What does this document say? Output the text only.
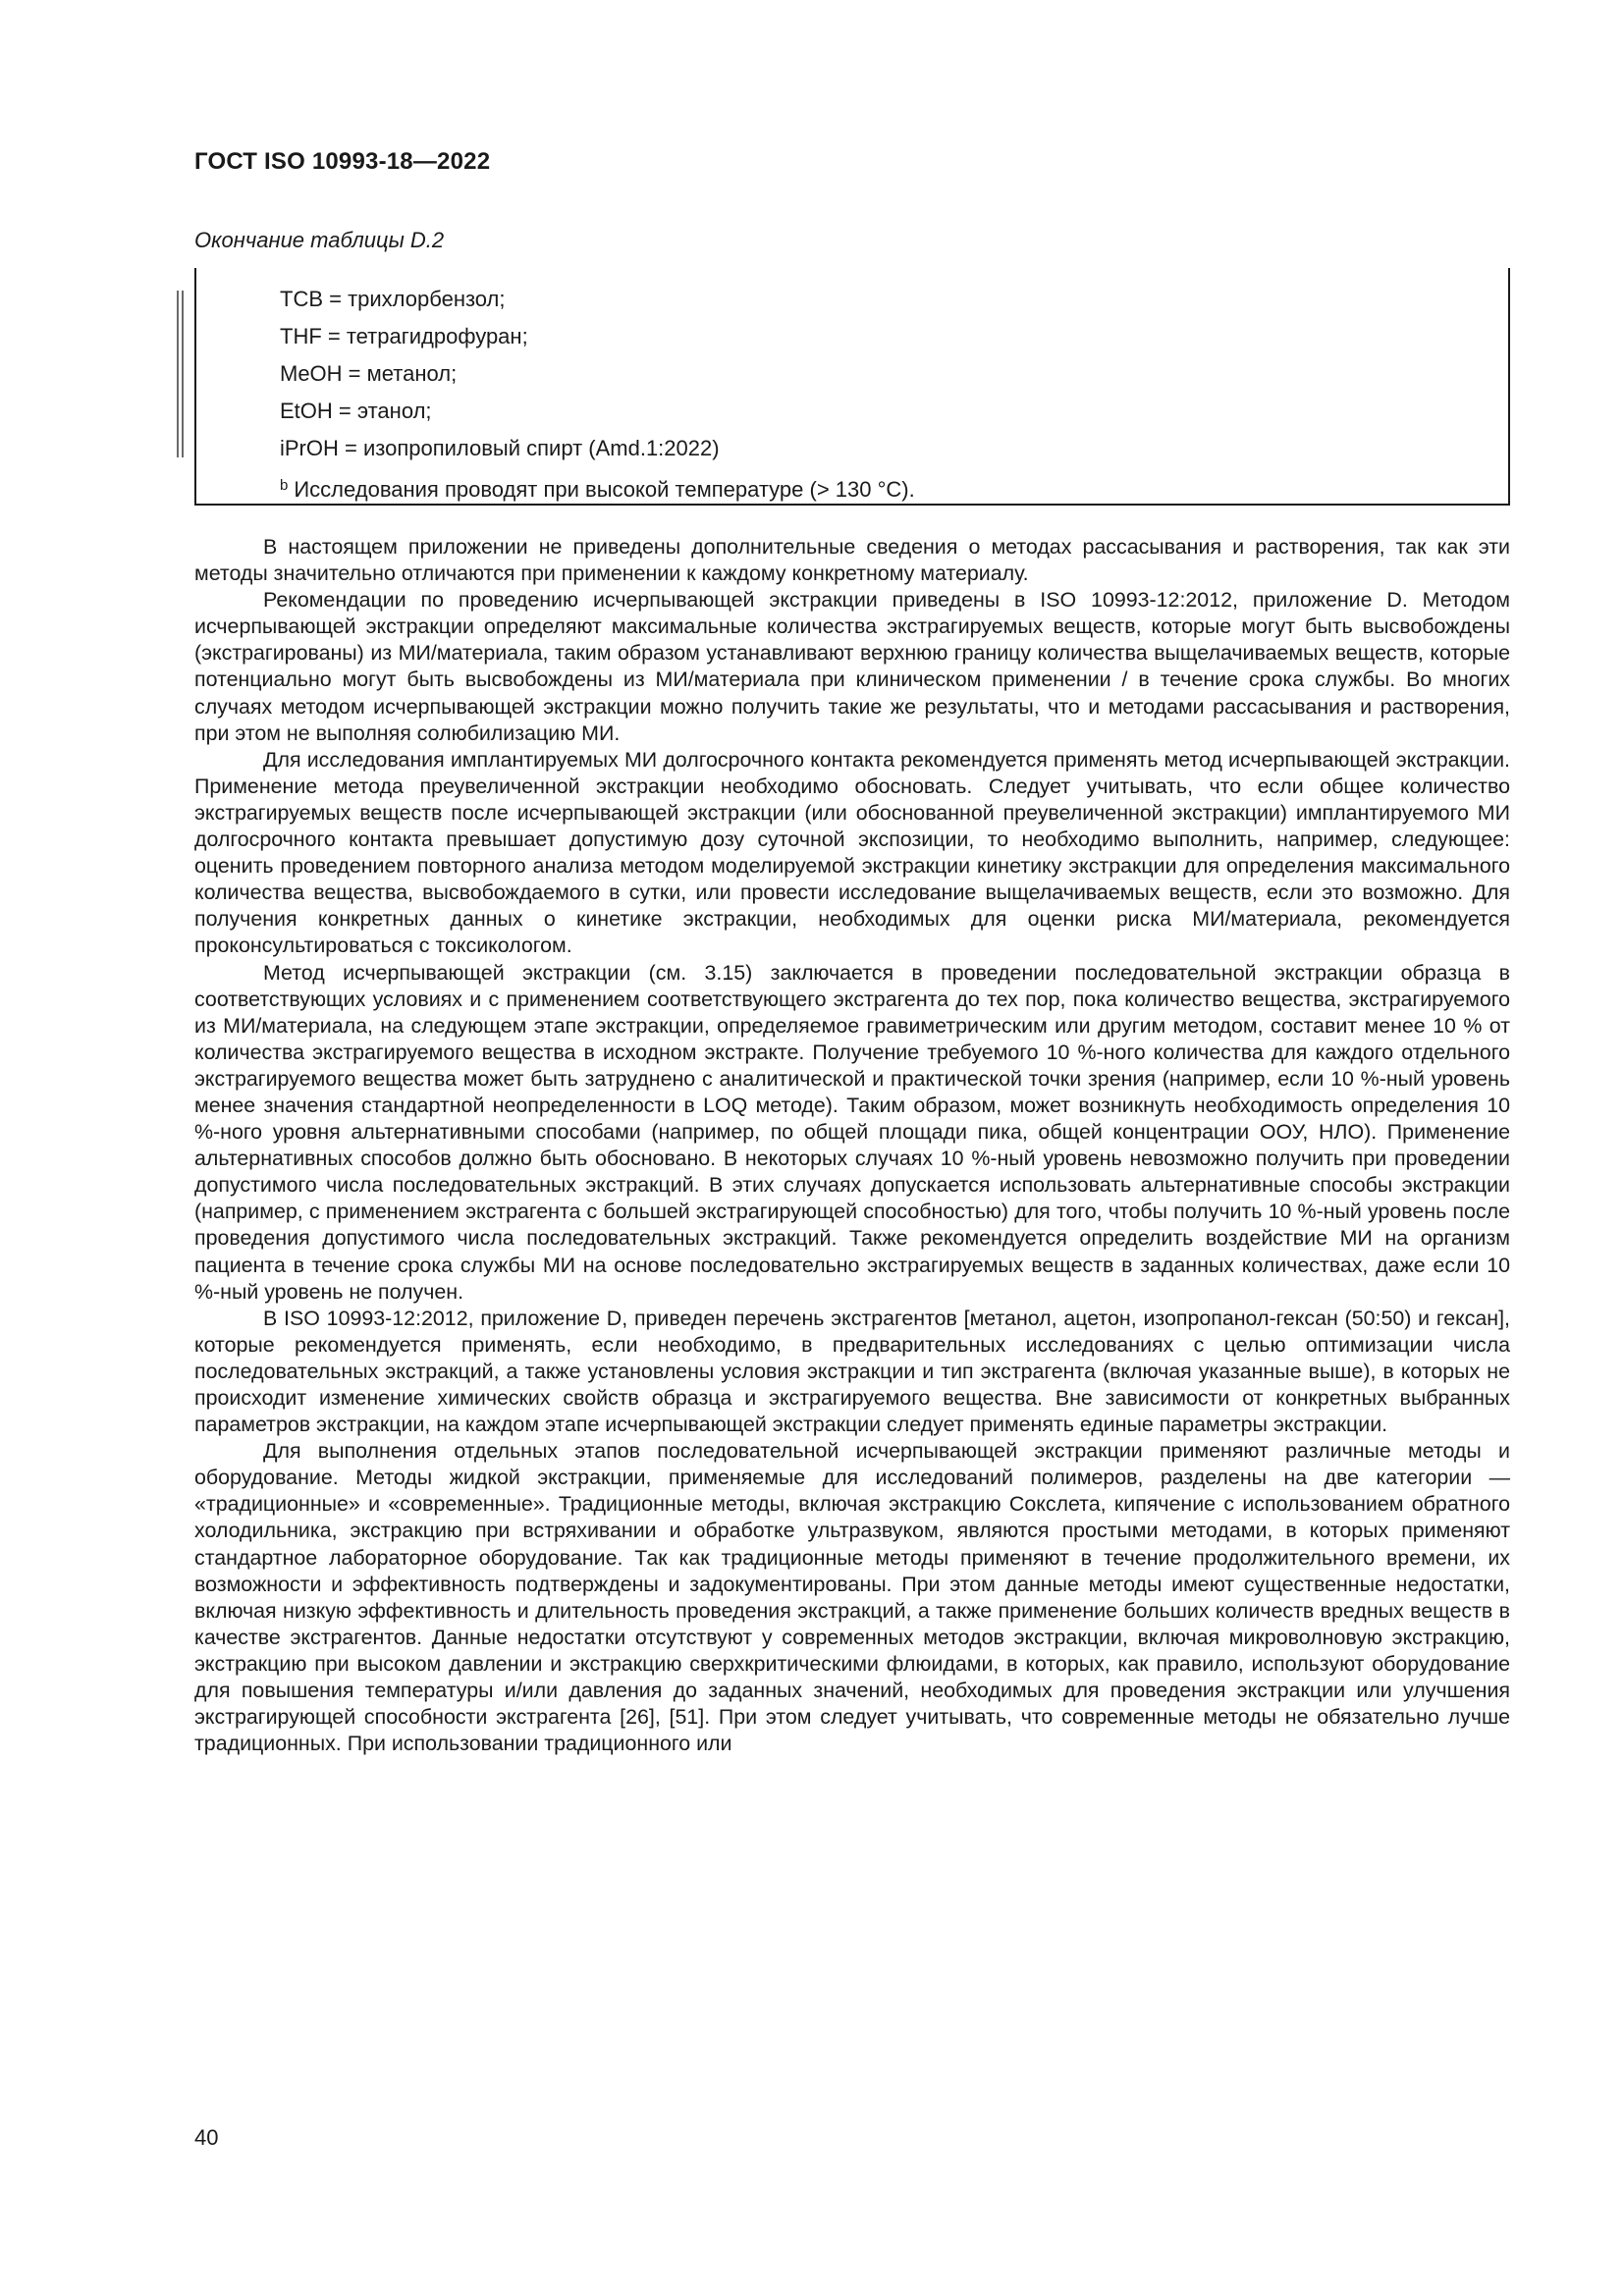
ГОСТ ISO 10993-18—2022
Окончание таблицы D.2
TCB = трихлорбензол;
THF = тетрагидрофуран;
MeOH = метанол;
EtOH = этанол;
iPrOH = изопропиловый спирт (Amd.1:2022)
$^b$ Исследования проводят при высокой температуре (> 130 °С).

В настоящем приложении не приведены дополнительные сведения о методах рассасывания и растворения, так как эти методы значительно отличаются при применении к каждому конкретному материалу.

Рекомендации по проведению исчерпывающей экстракции приведены в ISO 10993-12:2012, приложение D. Методом исчерпывающей экстракции определяют максимальные количества экстрагируемых веществ, которые могут быть высвобождены (экстрагированы) из МИ/материала, таким образом устанавливают верхнюю границу количества выщелачиваемых веществ, которые потенциально могут быть высвобождены из МИ/материала при клиническом применении / в течение срока службы. Во многих случаях методом исчерпывающей экстракции можно получить такие же результаты, что и методами рассасывания и растворения, при этом не выполняя солюбилизацию МИ.

Для исследования имплантируемых МИ долгосрочного контакта рекомендуется применять метод исчерпывающей экстракции. Применение метода преувеличенной экстракции необходимо обосновать. Следует учитывать, что если общее количество экстрагируемых веществ после исчерпывающей экстракции (или обоснованной преувеличенной экстракции) имплантируемого МИ долгосрочного контакта превышает допустимую дозу суточной экспозиции, то необходимо выполнить, например, следующее: оценить проведением повторного анализа методом моделируемой экстракции кинетику экстракции для определения максимального количества вещества, высвобождаемого в сутки, или провести исследование выщелачиваемых веществ, если это возможно. Для получения конкретных данных о кинетике экстракции, необходимых для оценки риска МИ/материала, рекомендуется проконсультироваться с токсикологом.

Метод исчерпывающей экстракции (см. 3.15) заключается в проведении последовательной экстракции образца в соответствующих условиях и с применением соответствующего экстрагента до тех пор, пока количество вещества, экстрагируемого из МИ/материала, на следующем этапе экстракции, определяемое гравиметрическим или другим методом, составит менее 10 % от количества экстрагируемого вещества в исходном экстракте. Получение требуемого 10 %-ного количества для каждого отдельного экстрагируемого вещества может быть затруднено с аналитической и практической точки зрения (например, если 10 %-ный уровень менее значения стандартной неопределенности в LOQ методе). Таким образом, может возникнуть необходимость определения 10 %-ного уровня альтернативными способами (например, по общей площади пика, общей концентрации ООУ, НЛО). Применение альтернативных способов должно быть обосновано. В некоторых случаях 10 %-ный уровень невозможно получить при проведении допустимого числа последовательных экстракций. В этих случаях допускается использовать альтернативные способы экстракции (например, с применением экстрагента с большей экстрагирующей способностью) для того, чтобы получить 10 %-ный уровень после проведения допустимого числа последовательных экстракций. Также рекомендуется определить воздействие МИ на организм пациента в течение срока службы МИ на основе последовательно экстрагируемых веществ в заданных количествах, даже если 10 %-ный уровень не получен.

В ISO 10993-12:2012, приложение D, приведен перечень экстрагентов [метанол, ацетон, изопропанол-гексан (50:50) и гексан], которые рекомендуется применять, если необходимо, в предварительных исследованиях с целью оптимизации числа последовательных экстракций, а также установлены условия экстракции и тип экстрагента (включая указанные выше), в которых не происходит изменение химических свойств образца и экстрагируемого вещества. Вне зависимости от конкретных выбранных параметров экстракции, на каждом этапе исчерпывающей экстракции следует применять единые параметры экстракции.

Для выполнения отдельных этапов последовательной исчерпывающей экстракции применяют различные методы и оборудование. Методы жидкой экстракции, применяемые для исследований полимеров, разделены на две категории — «традиционные» и «современные». Традиционные методы, включая экстракцию Сокслета, кипячение с использованием обратного холодильника, экстракцию при встряхивании и обработке ультразвуком, являются простыми методами, в которых применяют стандартное лабораторное оборудование. Так как традиционные методы применяют в течение продолжительного времени, их возможности и эффективность подтверждены и задокументированы. При этом данные методы имеют существенные недостатки, включая низкую эффективность и длительность проведения экстракций, а также применение больших количеств вредных веществ в качестве экстрагентов. Данные недостатки отсутствуют у современных методов экстракции, включая микроволновую экстракцию, экстракцию при высоком давлении и экстракцию сверхкритическими флюидами, в которых, как правило, используют оборудование для повышения температуры и/или давления до заданных значений, необходимых для проведения экстракции или улучшения экстрагирующей способности экстрагента [26], [51]. При этом следует учитывать, что современные методы не обязательно лучше традиционных. При использовании традиционного или

40
